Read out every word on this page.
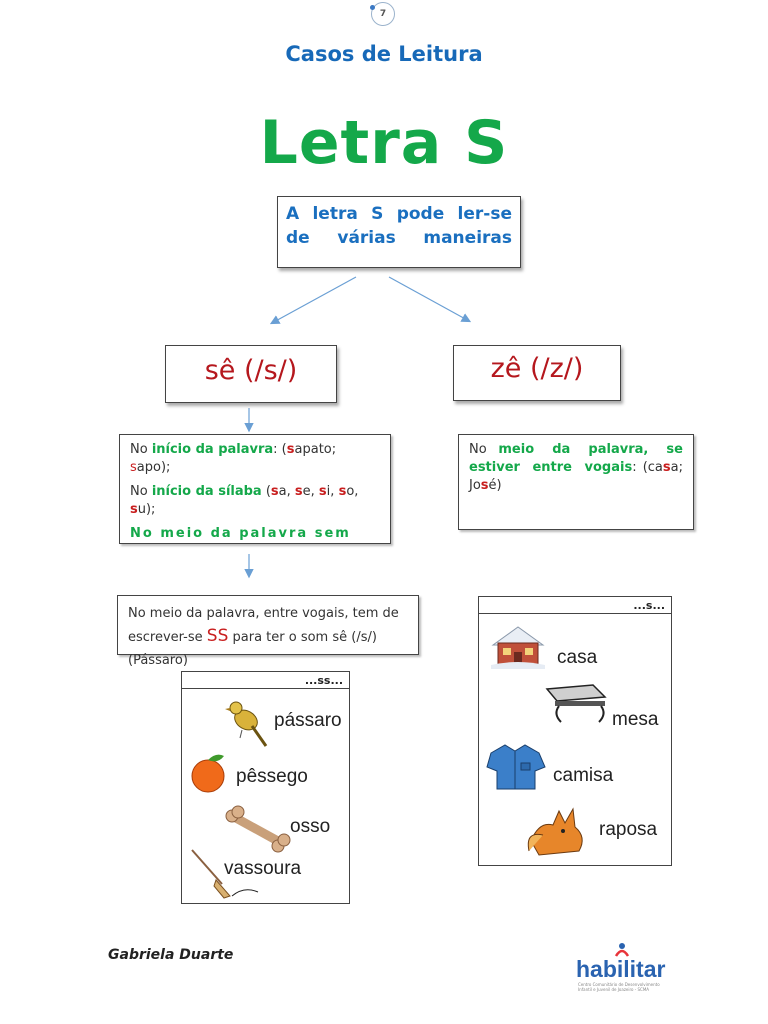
7
Casos de Leitura
Letra S
A letra S pode ler-se de várias maneiras
sê (/s/)	zê (/z/)

No início da palavra: (sapato; sapo);

No início da sílaba (sa, se, si, so, su);

No meio da palavra sem

No meio da palavra, se estiver entre vogais: (casa; José)
No meio da palavra, entre vogais, tem de escrever-se SS para ter o som sê (/s/) (Pássaro)
...s...
casa
mesa
camisa
raposa
...ss...
pássaro
pêssego
osso
vassoura
Gabriela Duarte
habilitar
Centro Comunitário de Desenvolvimento Infantil e Juvenil de Joazeiro - SCMA
